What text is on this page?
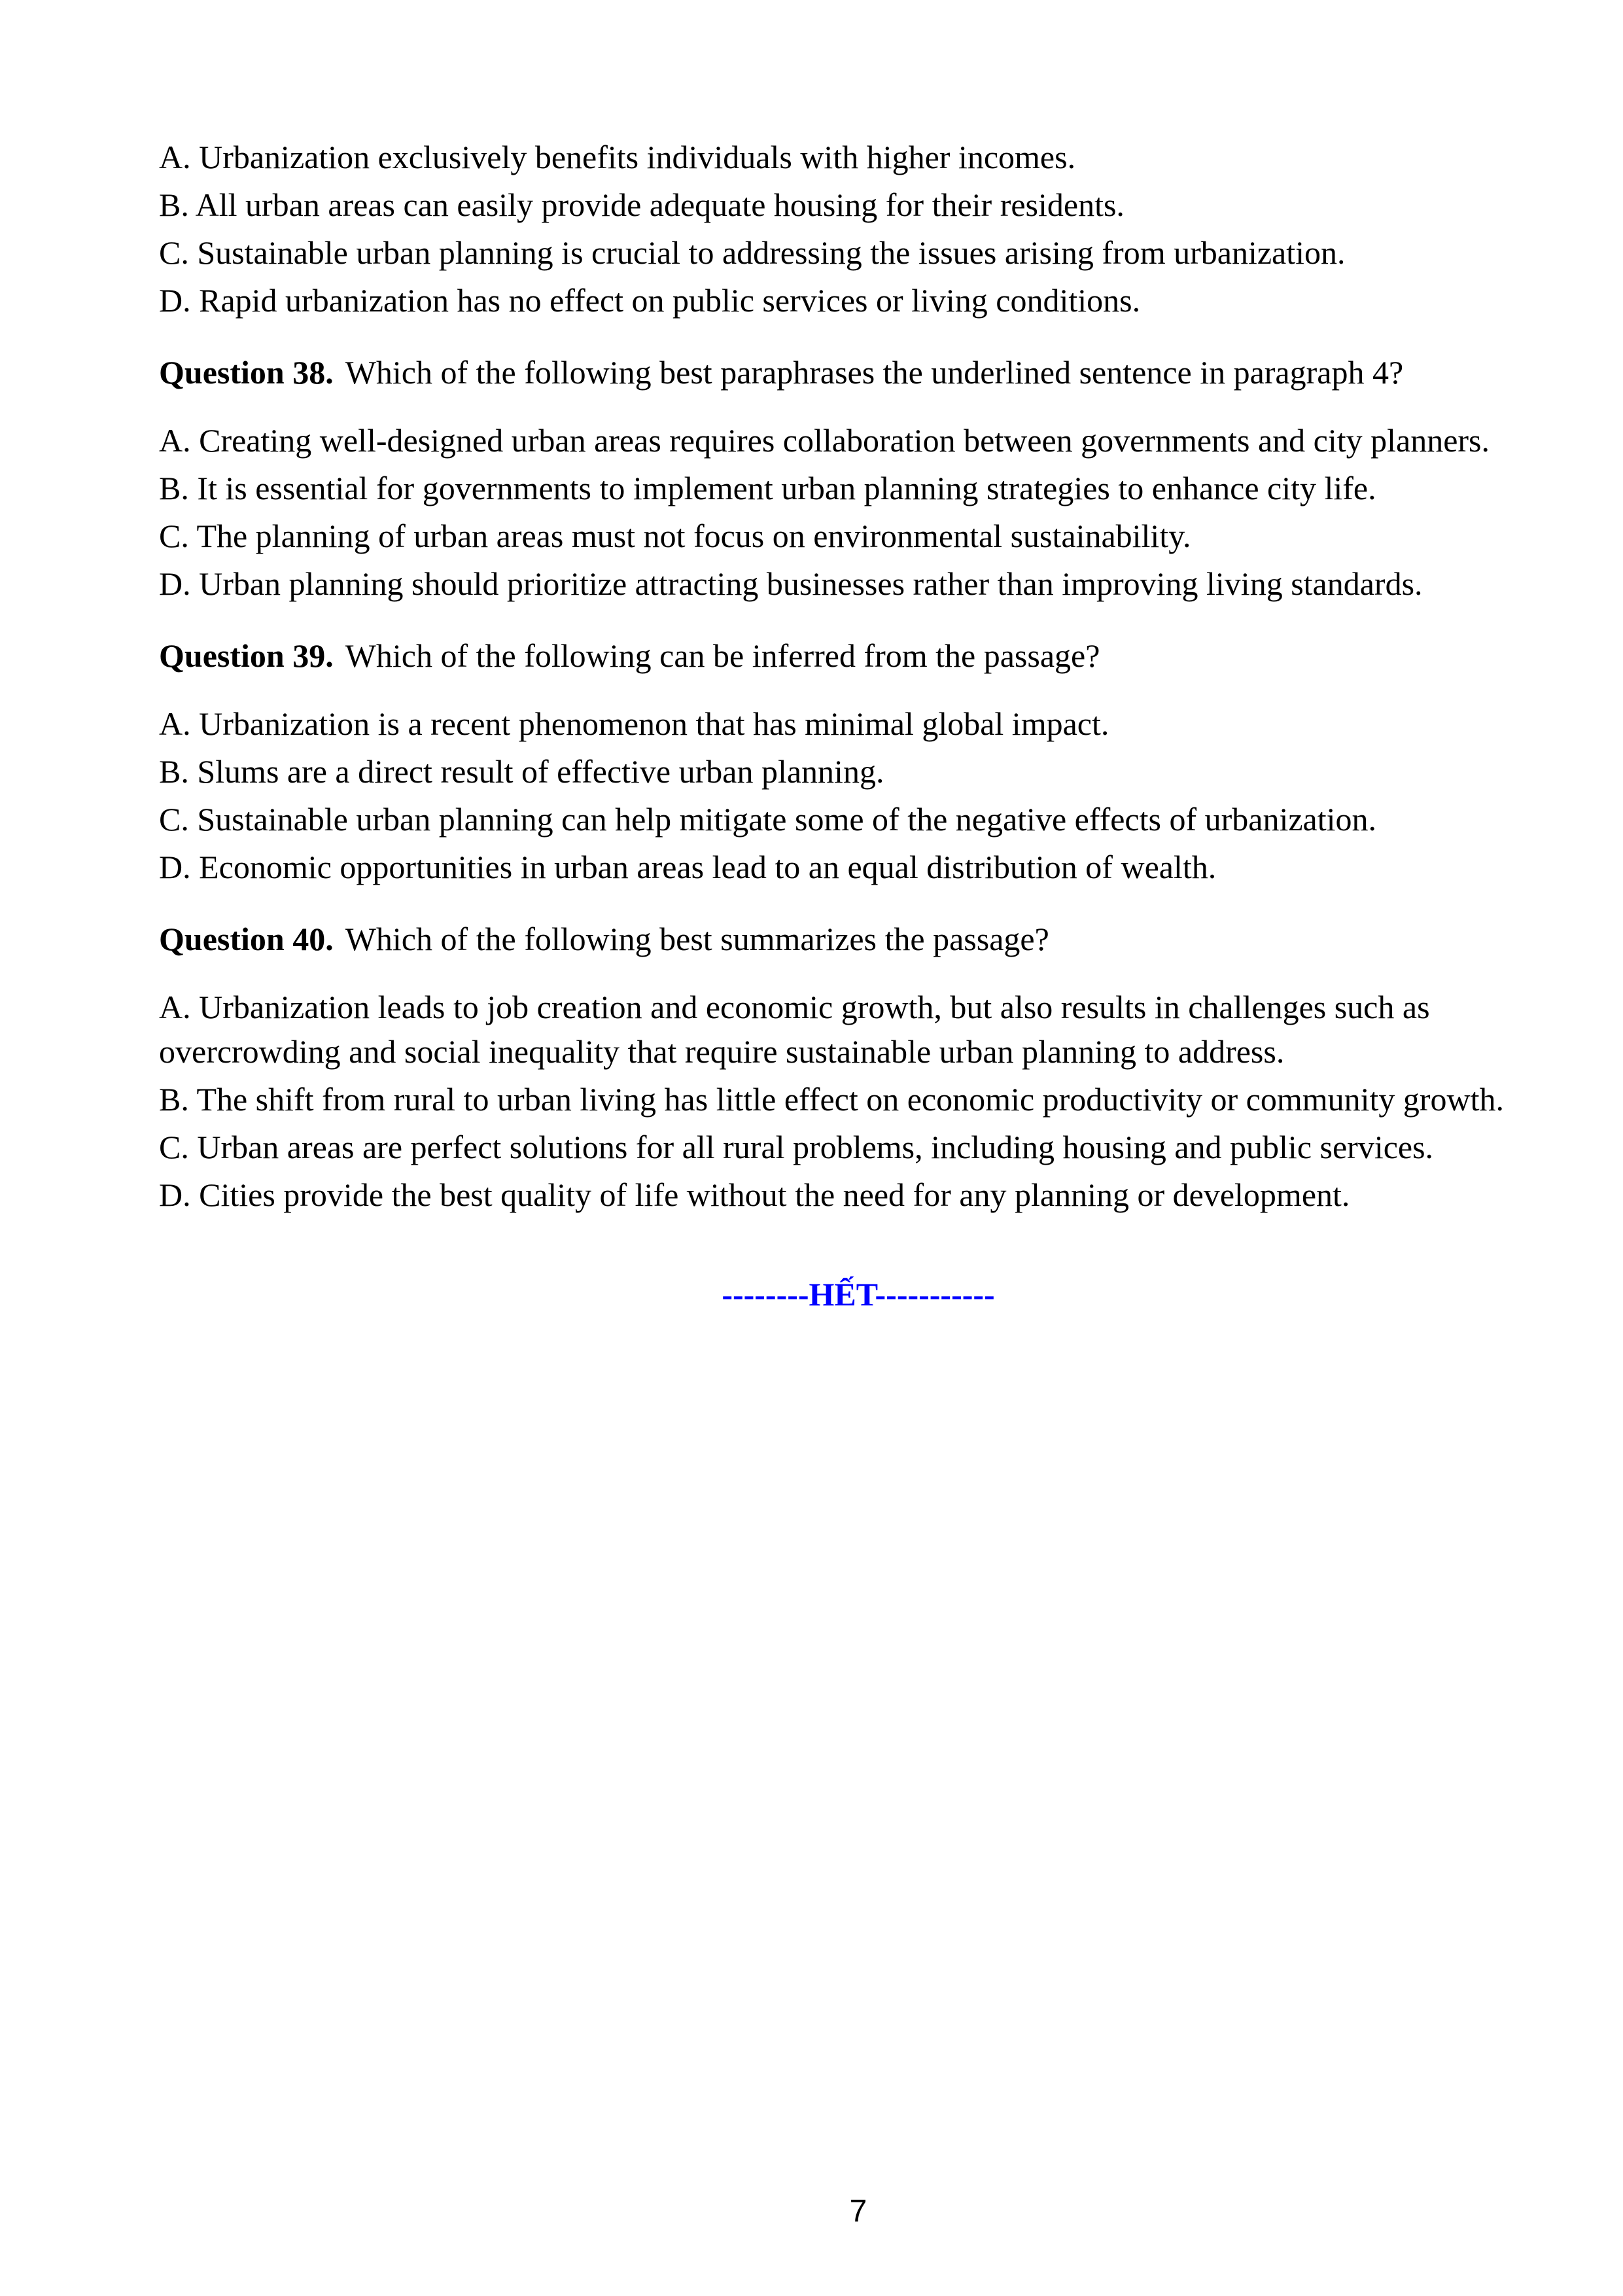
A. Urbanization exclusively benefits individuals with higher incomes.

B. All urban areas can easily provide adequate housing for their residents.

C. Sustainable urban planning is crucial to addressing the issues arising from urbanization.

D. Rapid urbanization has no effect on public services or living conditions.

Question 38. Which of the following best paraphrases the underlined sentence in paragraph 4?

A. Creating well-designed urban areas requires collaboration between governments and city planners.

B. It is essential for governments to implement urban planning strategies to enhance city life.

C. The planning of urban areas must not focus on environmental sustainability.

D. Urban planning should prioritize attracting businesses rather than improving living standards.

Question 39. Which of the following can be inferred from the passage?

A. Urbanization is a recent phenomenon that has minimal global impact.

B. Slums are a direct result of effective urban planning.

C. Sustainable urban planning can help mitigate some of the negative effects of urbanization.

D. Economic opportunities in urban areas lead to an equal distribution of wealth.

Question 40. Which of the following best summarizes the passage?

A. Urbanization leads to job creation and economic growth, but also results in challenges such as overcrowding and social inequality that require sustainable urban planning to address.

B. The shift from rural to urban living has little effect on economic productivity or community growth.

C. Urban areas are perfect solutions for all rural problems, including housing and public services.

D. Cities provide the best quality of life without the need for any planning or development.

--------HẾT-----------

7
